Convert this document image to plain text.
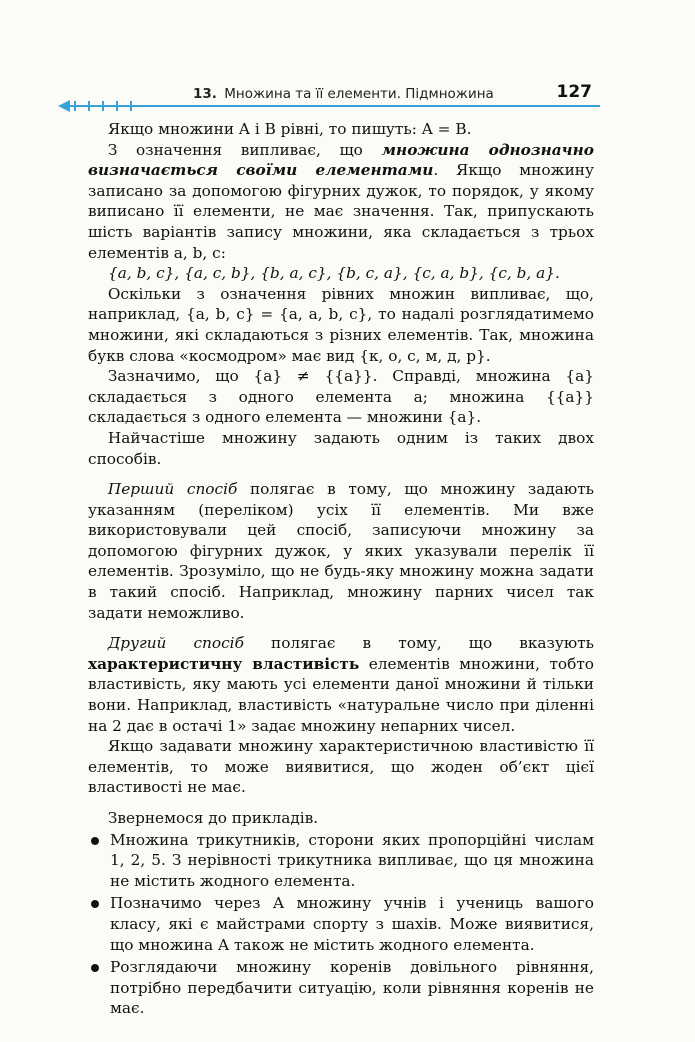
13. Множина та її елементи. Підмножина	127

Якщо множини A і B рівні, то пишуть: A = B.

З означення випливає, що множина однозначно визначається своїми елементами. Якщо множину записано за допомогою фігурних дужок, то порядок, у якому виписано її елементи, не має значення. Так, припускають шість варіантів запису множини, яка складається з трьох елементів a, b, c:

{a, b, c}, {a, c, b}, {b, a, c}, {b, c, a}, {c, a, b}, {c, b, a}.

Оскільки з означення рівних множин випливає, що, наприклад, {a, b, c} = {a, a, b, c}, то надалі розглядатимемо множини, які складаються з різних елементів. Так, множина букв слова «космодром» має вид {к, о, с, м, д, р}.

Зазначимо, що {a} ≠ {{a}}. Справді, множина {a} складається з одного елемента a; множина {{a}} складається з одного елемента — множини {a}.

Найчастіше множину задають одним із таких двох способів.

Перший спосіб полягає в тому, що множину задають указанням (переліком) усіх її елементів. Ми вже використовували цей спосіб, записуючи множину за допомогою фігурних дужок, у яких указували перелік її елементів. Зрозуміло, що не будь-яку множину можна задати в такий спосіб. Наприклад, множину парних чисел так задати неможливо.

Другий спосіб полягає в тому, що вказують характеристичну властивість елементів множини, тобто властивість, яку мають усі елементи даної множини й тільки вони. Наприклад, властивість «натуральне число при діленні на 2 дає в остачі 1» задає множину непарних чисел.

Якщо задавати множину характеристичною властивістю її елементів, то може виявитися, що жоден об’єкт цієї властивості не має.

Звернемося до прикладів.

Множина трикутників, сторони яких пропорційні числам 1, 2, 5. З нерівності трикутника випливає, що ця множина не містить жодного елемента.
Позначимо через A множину учнів і учениць вашого класу, які є майстрами спорту з шахів. Може виявитися, що множина A також не містить жодного елемента.
Розглядаючи множину коренів довільного рівняння, потрібно передбачити ситуацію, коли рівняння коренів не має.
